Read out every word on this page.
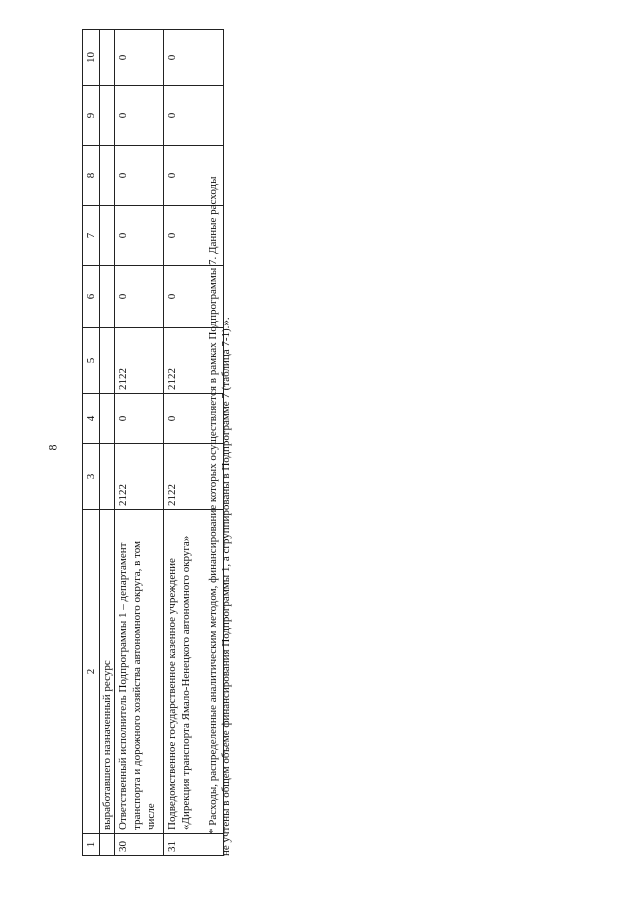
8
1	2	3	4	5	6	7	8	9	10
	выработавшего назначенный ресурс								
30	Ответственный исполнитель Подпрограммы 1 – департамент транспорта и дорожного хозяйства автономного округа, в том числе	2122	0	2122	0	0	0	0	0
31	Подведомственное государственное казенное учреждение «Дирекция транспорта Ямало-Ненецкого автономного округа»	2122	0	2122	0	0	0	0	0

* Расходы, распределенные аналитическим методом, финансирование которых осуществляется в рамках Подпрограммы 7. Данные расходы не учтены в общем объеме финансирования Подпрограммы 1, а сгруппированы в Подпрограмме 7 (таблица 7-1).».
